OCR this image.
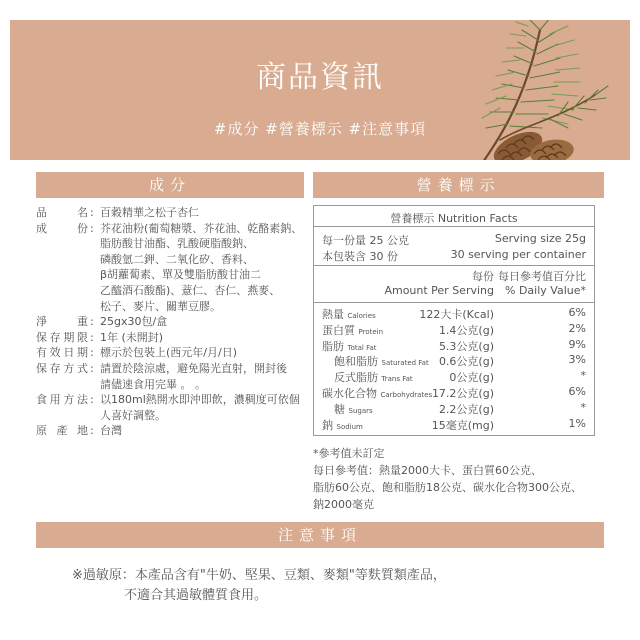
商品資訊
#成分 #營養標示 #注意事項
成分	營養標示
品名 : 百穀精華之松子杏仁
成份 : 芥花油粉(葡萄糖漿、芥花油、乾酪素鈉、
脂肪酸甘油酯、乳酸硬脂酸鈉、
磷酸氫二鉀、二氧化矽、香料、
β胡蘿蔔素、單及雙脂肪酸甘油二
乙醯酒石酸酯)、薏仁、杏仁、燕麥、
松子、麥片、關華豆膠。
淨重 : 25gx30包/盒
保存期限 : 1年 (未開封)
有效日期 : 標示於包裝上(西元年/月/日)
保存方式 : 請置於陰涼處，避免陽光直射，開封後
請儘速食用完畢 。 。
食用方法 : 以180ml熱開水即沖即飲，濃稠度可依個
人喜好調整。
原產地 : 台灣
營養標示 Nutrition Facts
每一份量 25 公克	Serving size 25g
本包裝含 30 份	30 serving per container
每份 每日參考值百分比
Amount Per Serving % Daily Value*
熱量 Calories	122大卡(Kcal)	6%
蛋白質 Protein	1.4公克(g)	2%
脂肪 Total Fat	5.3公克(g)	9%
飽和脂肪 Saturated Fat 0.6公克(g)	3%
反式脂肪 Trans Fat	0公克(g)	*
碳水化合物 Carbohydrates 17.2公克(g)	6%
糖 Sugars	2.2公克(g)	*
鈉 Sodium	15毫克(mg)	1%
*參考值未訂定
每日參考值：熱量2000大卡、蛋白質60公克、
脂肪60公克、飽和脂肪18公克、碳水化合物300公克、
鈉2000毫克
注意事項
※過敏原：本產品含有"牛奶、堅果、豆類、麥類"等麩質類產品，
不適合其過敏體質食用。
